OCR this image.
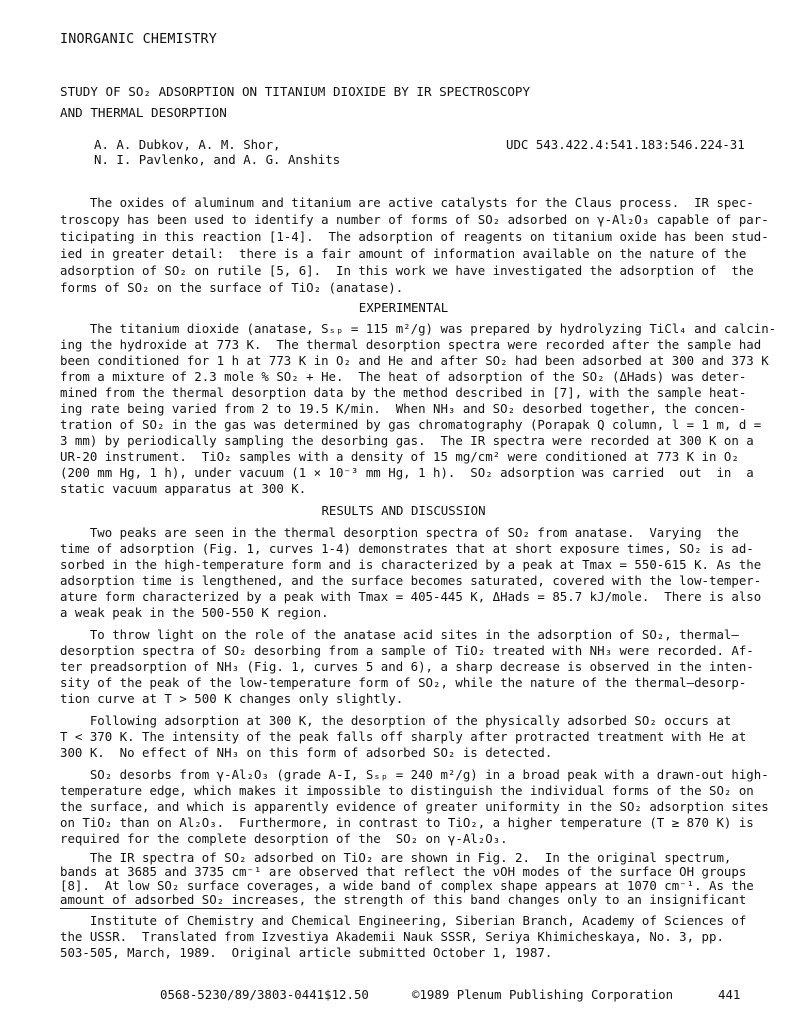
INORGANIC CHEMISTRY
STUDY OF SO₂ ADSORPTION ON TITANIUM DIOXIDE BY IR SPECTROSCOPY
AND THERMAL DESORPTION
A. A. Dubkov, A. M. Shor,
N. I. Pavlenko, and A. G. Anshits
UDC 543.422.4:541.183:546.224-31
The oxides of aluminum and titanium are active catalysts for the Claus process.  IR spec-
troscopy has been used to identify a number of forms of SO₂ adsorbed on γ-Al₂O₃ capable of par-
ticipating in this reaction [1-4].  The adsorption of reagents on titanium oxide has been stud-
ied in greater detail:  there is a fair amount of information available on the nature of the
adsorption of SO₂ on rutile [5, 6].  In this work we have investigated the adsorption of  the
forms of SO₂ on the surface of TiO₂ (anatase).
EXPERIMENTAL
The titanium dioxide (anatase, Sₛₚ = 115 m²/g) was prepared by hydrolyzing TiCl₄ and calcin-
ing the hydroxide at 773 K.  The thermal desorption spectra were recorded after the sample had
been conditioned for 1 h at 773 K in O₂ and He and after SO₂ had been adsorbed at 300 and 373 K
from a mixture of 2.3 mole % SO₂ + He.  The heat of adsorption of the SO₂ (ΔHads) was deter-
mined from the thermal desorption data by the method described in [7], with the sample heat-
ing rate being varied from 2 to 19.5 K/min.  When NH₃ and SO₂ desorbed together, the concen-
tration of SO₂ in the gas was determined by gas chromatography (Porapak Q column, l = 1 m, d =
3 mm) by periodically sampling the desorbing gas.  The IR spectra were recorded at 300 K on a
UR-20 instrument.  TiO₂ samples with a density of 15 mg/cm² were conditioned at 773 K in O₂
(200 mm Hg, 1 h), under vacuum (1 × 10⁻³ mm Hg, 1 h).  SO₂ adsorption was carried  out  in  a
static vacuum apparatus at 300 K.
RESULTS AND DISCUSSION
Two peaks are seen in the thermal desorption spectra of SO₂ from anatase.  Varying  the
time of adsorption (Fig. 1, curves 1-4) demonstrates that at short exposure times, SO₂ is ad-
sorbed in the high-temperature form and is characterized by a peak at Tmax = 550-615 K. As the
adsorption time is lengthened, and the surface becomes saturated, covered with the low-temper-
ature form characterized by a peak with Tmax = 405-445 K, ΔHads = 85.7 kJ/mole.  There is also
a weak peak in the 500-550 K region.
To throw light on the role of the anatase acid sites in the adsorption of SO₂, thermal—
desorption spectra of SO₂ desorbing from a sample of TiO₂ treated with NH₃ were recorded. Af-
ter preadsorption of NH₃ (Fig. 1, curves 5 and 6), a sharp decrease is observed in the inten-
sity of the peak of the low-temperature form of SO₂, while the nature of the thermal—desorp-
tion curve at T > 500 K changes only slightly.
Following adsorption at 300 K, the desorption of the physically adsorbed SO₂ occurs at
T < 370 K. The intensity of the peak falls off sharply after protracted treatment with He at
300 K.  No effect of NH₃ on this form of adsorbed SO₂ is detected.
SO₂ desorbs from γ-Al₂O₃ (grade A-I, Sₛₚ = 240 m²/g) in a broad peak with a drawn-out high-
temperature edge, which makes it impossible to distinguish the individual forms of the SO₂ on
the surface, and which is apparently evidence of greater uniformity in the SO₂ adsorption sites
on TiO₂ than on Al₂O₃.  Furthermore, in contrast to TiO₂, a higher temperature (T ≥ 870 K) is
required for the complete desorption of the  SO₂ on γ-Al₂O₃.
The IR spectra of SO₂ adsorbed on TiO₂ are shown in Fig. 2.  In the original spectrum,
bands at 3685 and 3735 cm⁻¹ are observed that reflect the νOH modes of the surface OH groups
[8].  At low SO₂ surface coverages, a wide band of complex shape appears at 1070 cm⁻¹. As the
amount of adsorbed SO₂ increases, the strength of this band changes only to an insignificant
Institute of Chemistry and Chemical Engineering, Siberian Branch, Academy of Sciences of
the USSR.  Translated from Izvestiya Akademii Nauk SSSR, Seriya Khimicheskaya, No. 3, pp.
503-505, March, 1989.  Original article submitted October 1, 1987.
0568-5230/89/3803-0441$12.50	©1989 Plenum Publishing Corporation	441
